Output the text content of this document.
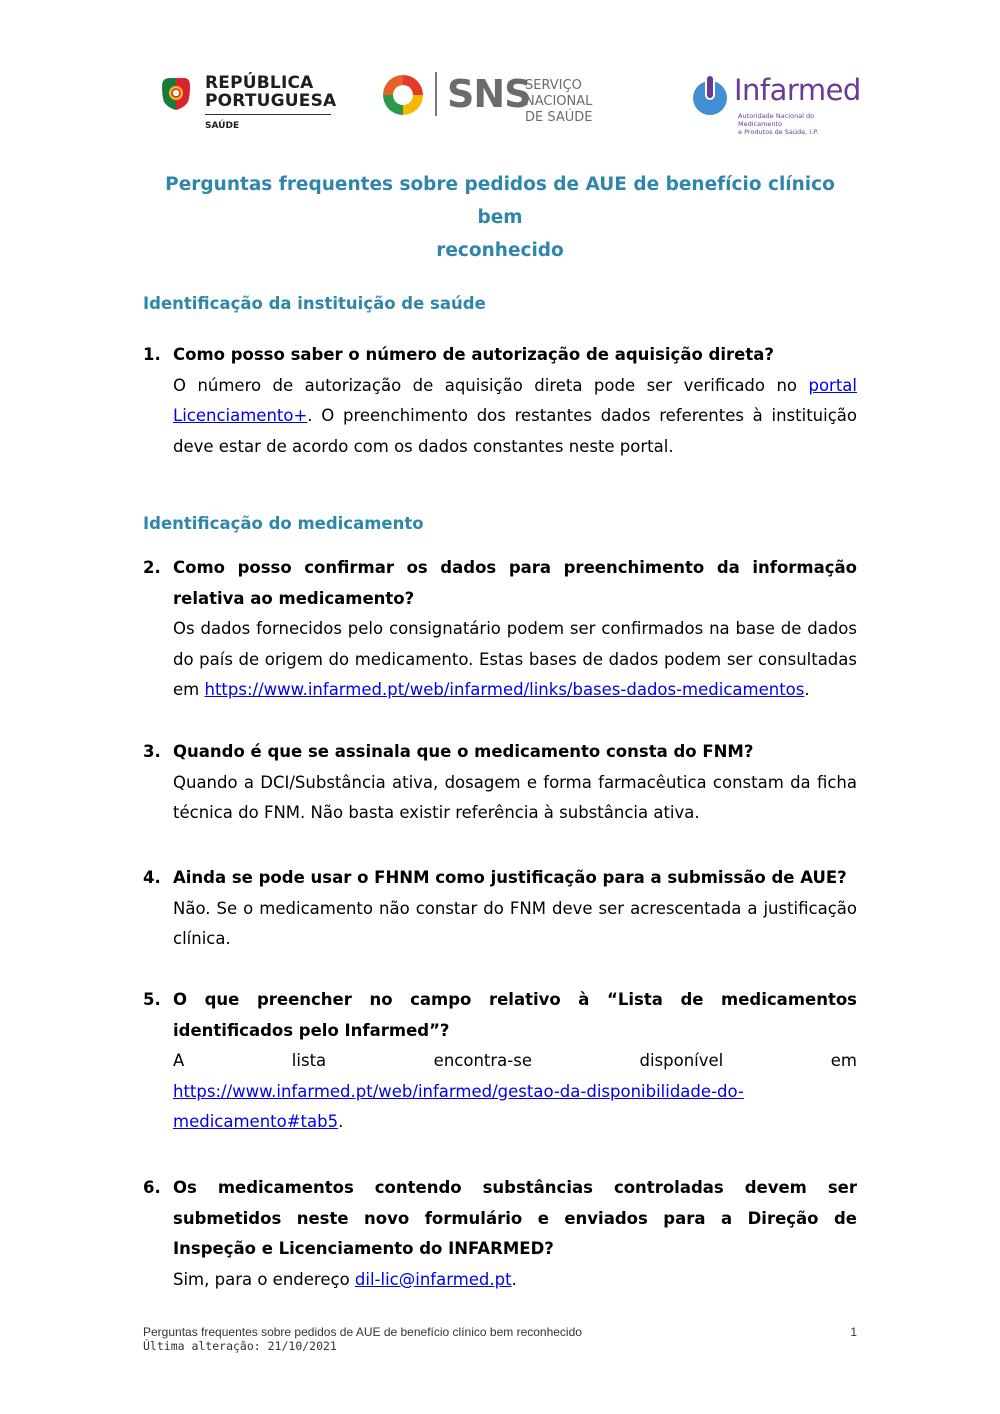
REPÚBLICA
PORTUGUESA
SAÚDE
SNS
SERVIÇO NACIONAL
DE SAÚDE
Infarmed
Autoridade Nacional do Medicamento
e Produtos de Saúde, I.P.
Perguntas frequentes sobre pedidos de AUE de benefício clínico bem
reconhecido
Identificação da instituição de saúde
1. Como posso saber o número de autorização de aquisição direta?
O número de autorização de aquisição direta pode ser verificado no portal Licenciamento+. O preenchimento dos restantes dados referentes à instituição deve estar de acordo com os dados constantes neste portal.
Identificação do medicamento
2. Como posso confirmar os dados para preenchimento da informação relativa ao medicamento?
Os dados fornecidos pelo consignatário podem ser confirmados na base de dados do país de origem do medicamento. Estas bases de dados podem ser consultadas em https://www.infarmed.pt/web/infarmed/links/bases-dados-medicamentos.
3. Quando é que se assinala que o medicamento consta do FNM?
Quando a DCI/Substância ativa, dosagem e forma farmacêutica constam da ficha técnica do FNM. Não basta existir referência à substância ativa.
4. Ainda se pode usar o FHNM como justificação para a submissão de AUE?
Não. Se o medicamento não constar do FNM deve ser acrescentada a justificação clínica.
5. O que preencher no campo relativo à “Lista de medicamentos identificados pelo Infarmed”?
A lista encontra-se disponível em
https://www.infarmed.pt/web/infarmed/gestao-da-disponibilidade-do-
medicamento#tab5.
6. Os medicamentos contendo substâncias controladas devem ser submetidos neste novo formulário e enviados para a Direção de Inspeção e Licenciamento do INFARMED?
Sim, para o endereço dil-lic@infarmed.pt.
Perguntas frequentes sobre pedidos de AUE de benefício clínico bem reconhecido
Última alteração: 21/10/2021
1
